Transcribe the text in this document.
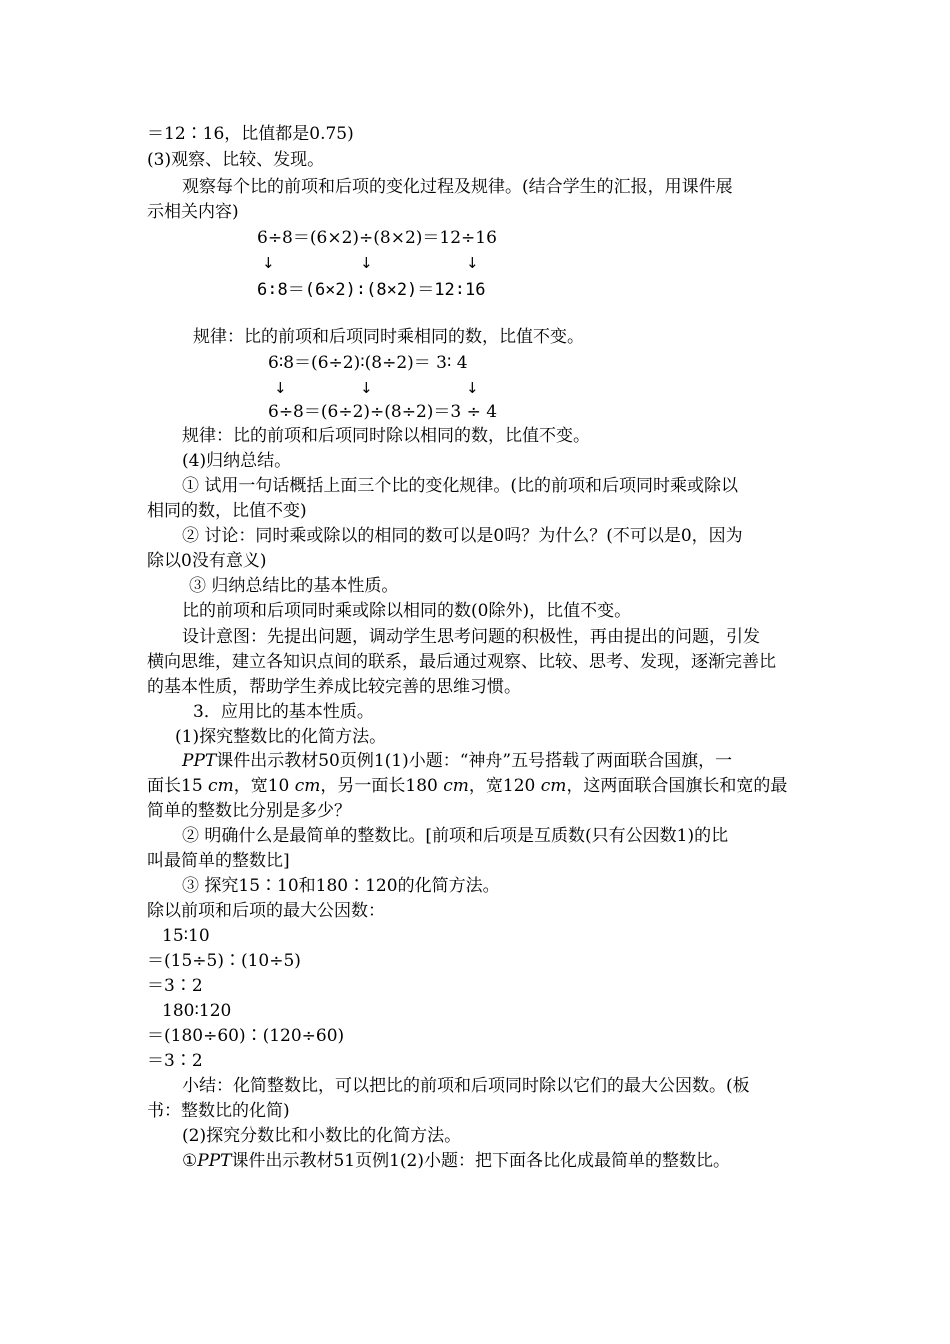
＝12∶16，比值都是0.75)
(3)观察、比较、发现。
观察每个比的前项和后项的变化过程及规律。(结合学生的汇报，用课件展
示相关内容)
6÷8＝(6×2)÷(8×2)＝12÷16
↓	↓	↓
6∶8＝(6×2)∶(8×2)＝12∶16
规律：比的前项和后项同时乘相同的数，比值不变。
6∶8＝(6÷2)∶(8÷2)＝ 3∶ 4
↓	↓	↓
6÷8＝(6÷2)÷(8÷2)＝3 ÷ 4
规律：比的前项和后项同时除以相同的数，比值不变。
(4)归纳总结。
① 试用一句话概括上面三个比的变化规律。(比的前项和后项同时乘或除以
相同的数，比值不变)
② 讨论：同时乘或除以的相同的数可以是0吗？为什么？(不可以是0，因为
除以0没有意义)
③ 归纳总结比的基本性质。
比的前项和后项同时乘或除以相同的数(0除外)，比值不变。
设计意图：先提出问题，调动学生思考问题的积极性，再由提出的问题，引发
横向思维，建立各知识点间的联系，最后通过观察、比较、思考、发现，逐渐完善比
的基本性质，帮助学生养成比较完善的思维习惯。
3．应用比的基本性质。
(1)探究整数比的化简方法。
PPT课件出示教材50页例1(1)小题：“神舟”五号搭载了两面联合国旗，一
面长15 cm，宽10 cm，另一面长180 cm，宽120 cm，这两面联合国旗长和宽的最
简单的整数比分别是多少？
② 明确什么是最简单的整数比。[前项和后项是互质数(只有公因数1)的比
叫最简单的整数比]
③ 探究15∶10和180∶120的化简方法。
除以前项和后项的最大公因数：
15∶10
＝(15÷5)∶(10÷5)
＝3∶2
180∶120
＝(180÷60)∶(120÷60)
＝3∶2
小结：化简整数比，可以把比的前项和后项同时除以它们的最大公因数。(板
书：整数比的化简)
(2)探究分数比和小数比的化简方法。
①PPT课件出示教材51页例1(2)小题：把下面各比化成最简单的整数比。
